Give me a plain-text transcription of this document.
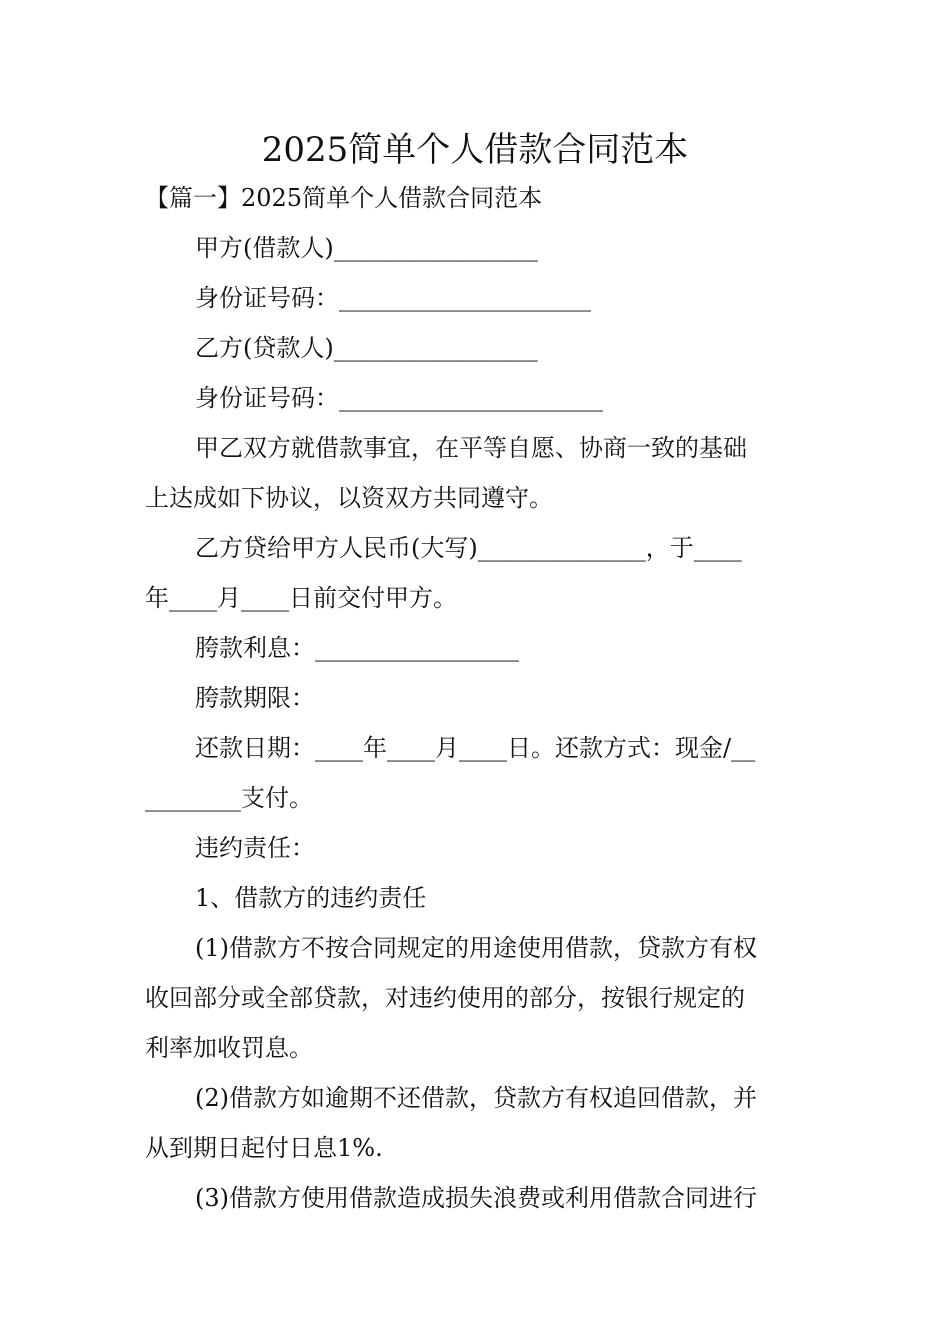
2025简单个人借款合同范本
【篇一】2025简单个人借款合同范本
甲方(借款人)_________________
身份证号码：_____________________
乙方(贷款人)_________________
身份证号码：______________________
甲乙双方就借款事宜，在平等自愿、协商一致的基础
上达成如下协议，以资双方共同遵守。
乙方贷给甲方人民币(大写)______________，于____
年____月____日前交付甲方。
胯款利息：_________________
胯款期限：
还款日期：____年____月____日。还款方式：现金/__
________支付。
违约责任：
1、借款方的违约责任
(1)借款方不按合同规定的用途使用借款，贷款方有权
收回部分或全部贷款，对违约使用的部分，按银行规定的
利率加收罚息。
(2)借款方如逾期不还借款，贷款方有权追回借款，并
从到期日起付日息1%.
(3)借款方使用借款造成损失浪费或利用借款合同进行
